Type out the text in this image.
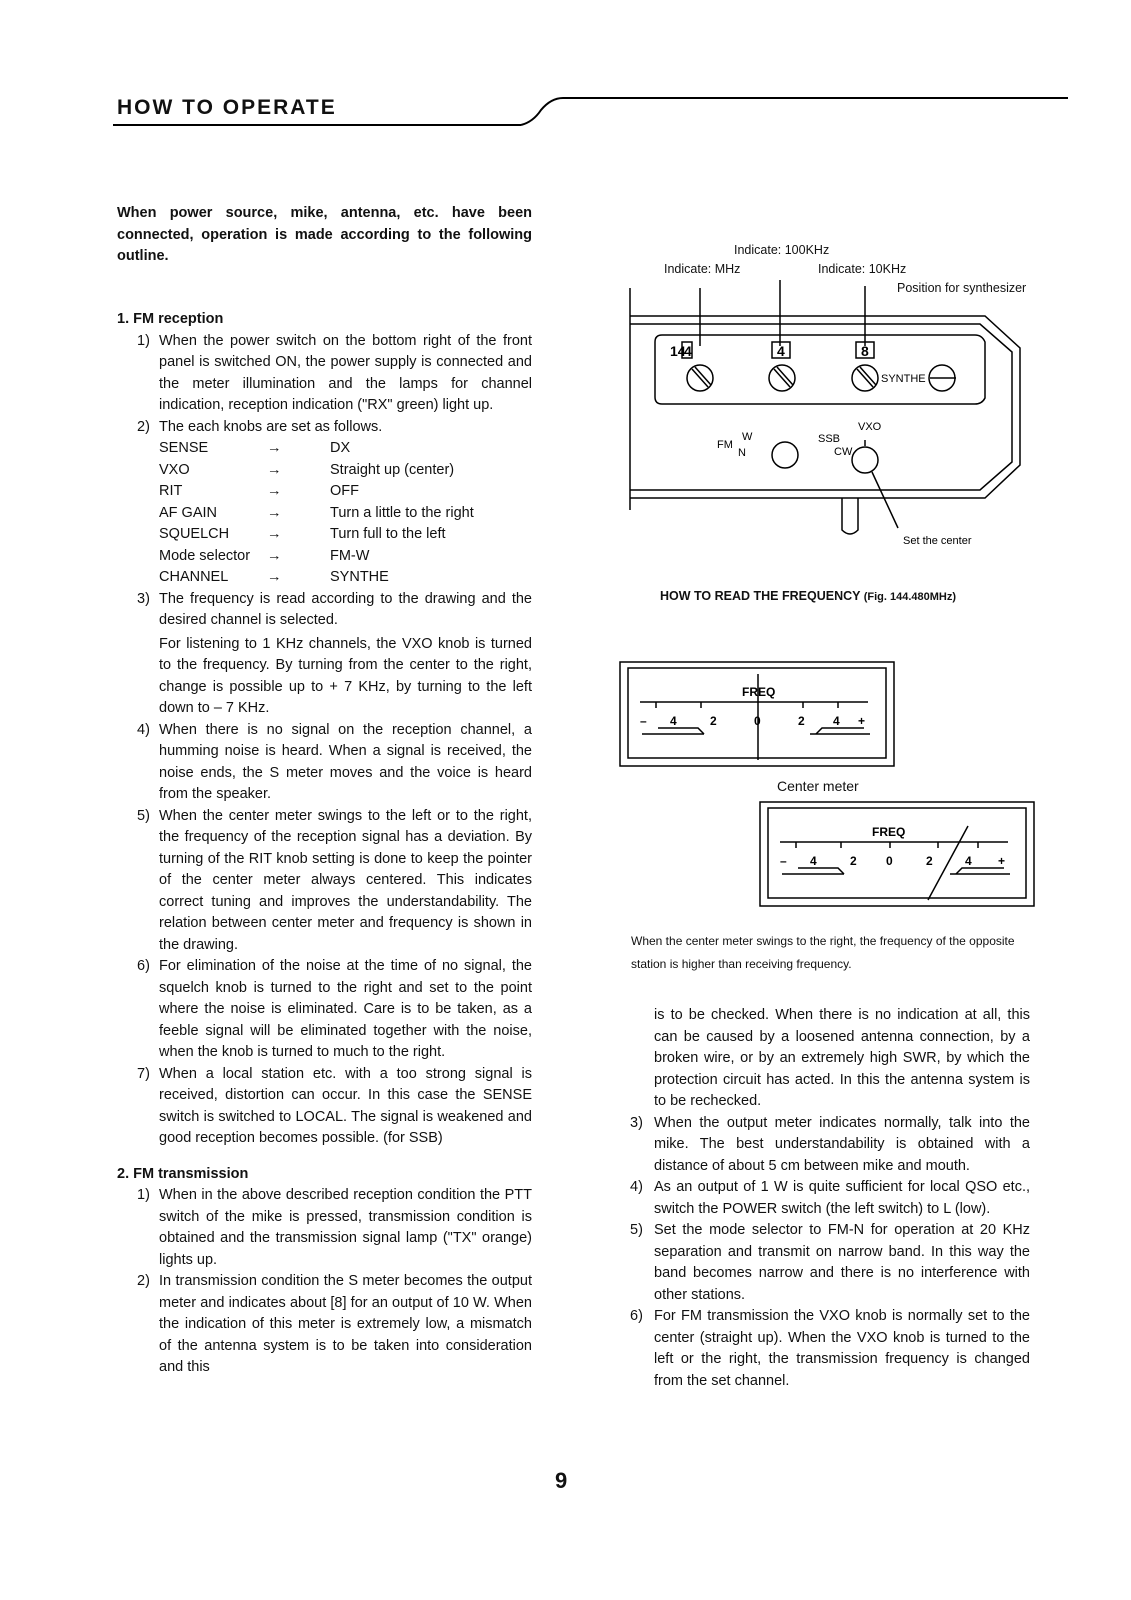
HOW TO OPERATE

When power source, mike, antenna, etc. have been connected, operation is made according to the following outline.

1. FM reception

1) When the power switch on the bottom right of the front panel is switched ON, the power supply is connected and the meter illumination and the lamps for channel indication, reception indication ("RX" green) light up.
2) The each knobs are set as follows.
SENSE	→	DX
VXO	→	Straight up (center)
RIT	→	OFF
AF GAIN	→	Turn a little to the right
SQUELCH	→	Turn full to the left
Mode selector	→	FM-W
CHANNEL	→	SYNTHE
3) The frequency is read according to the drawing and the desired channel is selected.

For listening to 1 KHz channels, the VXO knob is turned to the frequency. By turning from the center to the right, change is possible up to + 7 KHz, by turning to the left down to – 7 KHz.

4) When there is no signal on the reception channel, a humming noise is heard. When a signal is received, the noise ends, the S meter moves and the voice is heard from the speaker.
5) When the center meter swings to the left or to the right, the frequency of the reception signal has a deviation. By turning of the RIT knob setting is done to keep the pointer of the center meter always centered. This indicates correct tuning and improves the understandability. The relation between center meter and frequency is shown in the drawing.
6) For elimination of the noise at the time of no signal, the squelch knob is turned to the right and set to the point where the noise is eliminated. Care is to be taken, as a feeble signal will be eliminated together with the noise, when the knob is turned to much to the right.
7) When a local station etc. with a too strong signal is received, distortion can occur. In this case the SENSE switch is switched to LOCAL. The signal is weakened and good reception becomes possible. (for SSB)

2. FM transmission

1) When in the above described reception condition the PTT switch of the mike is pressed, transmission condition is obtained and the transmission signal lamp ("TX" orange) lights up.
2) In transmission condition the S meter becomes the output meter and indicates about [8] for an output of 10 W. When the indication of this meter is extremely low, a mismatch of the antenna system is to be taken into consideration and this
Indicate: 100KHz
Indicate: MHz	Indicate: 10KHz
Position for synthesizer
14
4	4	8
SYNTHE
VXO
FM
W
N
SSB
CW
Set the center
HOW TO READ THE FREQUENCY (Fig. 144.480MHz)
FREQ
– 4	2	0	2 4 +
Center meter
FREQ
– 4	2 0	2	4 +
When the center meter swings to the right, the frequency of the opposite station is higher than receiving frequency.

is to be checked. When there is no indication at all, this can be caused by a loosened antenna connection, by a broken wire, or by an extremely high SWR, by which the protection circuit has acted. In this the antenna system is to be rechecked.

3) When the output meter indicates normally, talk into the mike. The best understandability is obtained with a distance of about 5 cm between mike and mouth.
4) As an output of 1 W is quite sufficient for local QSO etc., switch the POWER switch (the left switch) to L (low).
5) Set the mode selector to FM-N for operation at 20 KHz separation and transmit on narrow band. In this way the band becomes narrow and there is no interference with other stations.
6) For FM transmission the VXO knob is normally set to the center (straight up). When the VXO knob is turned to the left or the right, the transmission frequency is changed from the set channel.
9
